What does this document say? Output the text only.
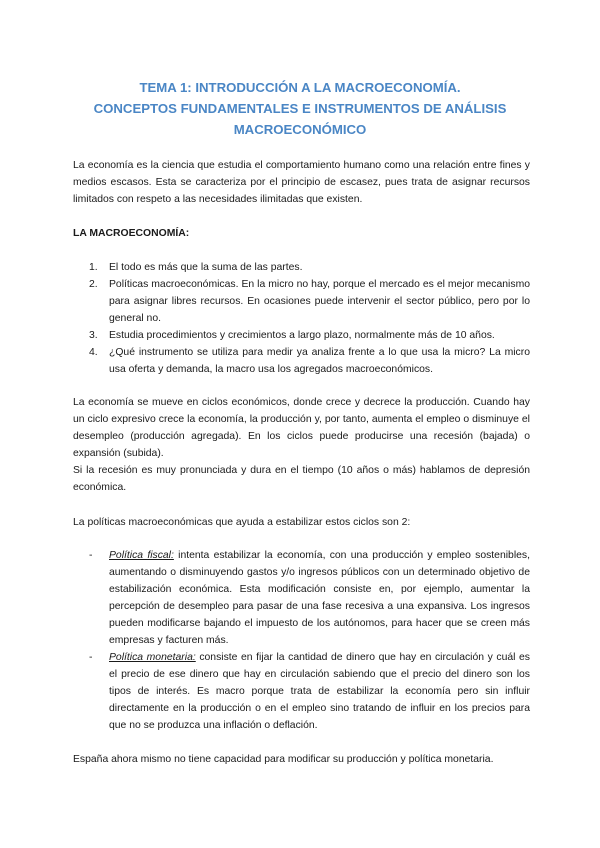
TEMA 1: INTRODUCCIÓN A LA MACROECONOMÍA.
CONCEPTOS FUNDAMENTALES E INSTRUMENTOS DE ANÁLISIS
MACROECONÓMICO

La economía es la ciencia que estudia el comportamiento humano como una relación entre fines y medios escasos. Esta se caracteriza por el principio de escasez, pues trata de asignar recursos limitados con respeto a las necesidades ilimitadas que existen.

LA MACROECONOMÍA:

1. El todo es más que la suma de las partes.
2. Políticas macroeconómicas. En la micro no hay, porque el mercado es el mejor mecanismo para asignar libres recursos. En ocasiones puede intervenir el sector público, pero por lo general no.
3. Estudia procedimientos y crecimientos a largo plazo, normalmente más de 10 años.
4. ¿Qué instrumento se utiliza para medir ya analiza frente a lo que usa la micro? La micro usa oferta y demanda, la macro usa los agregados macroeconómicos.

La economía se mueve en ciclos económicos, donde crece y decrece la producción. Cuando hay un ciclo expresivo crece la economía, la producción y, por tanto, aumenta el empleo o disminuye el desempleo (producción agregada). En los ciclos puede producirse una recesión (bajada) o expansión (subida).

Si la recesión es muy pronunciada y dura en el tiempo (10 años o más) hablamos de depresión económica.

La políticas macroeconómicas que ayuda a estabilizar estos ciclos son 2:

- Política fiscal: intenta estabilizar la economía, con una producción y empleo sostenibles, aumentando o disminuyendo gastos y/o ingresos públicos con un determinado objetivo de estabilización económica. Esta modificación consiste en, por ejemplo, aumentar la percepción de desempleo para pasar de una fase recesiva a una expansiva. Los ingresos pueden modificarse bajando el impuesto de los autónomos, para hacer que se creen más empresas y facturen más.
- Política monetaria: consiste en fijar la cantidad de dinero que hay en circulación y cuál es el precio de ese dinero que hay en circulación sabiendo que el precio del dinero son los tipos de interés. Es macro porque trata de estabilizar la economía pero sin influir directamente en la producción o en el empleo sino tratando de influir en los precios para que no se produzca una inflación o deflación.

España ahora mismo no tiene capacidad para modificar su producción y política monetaria.
